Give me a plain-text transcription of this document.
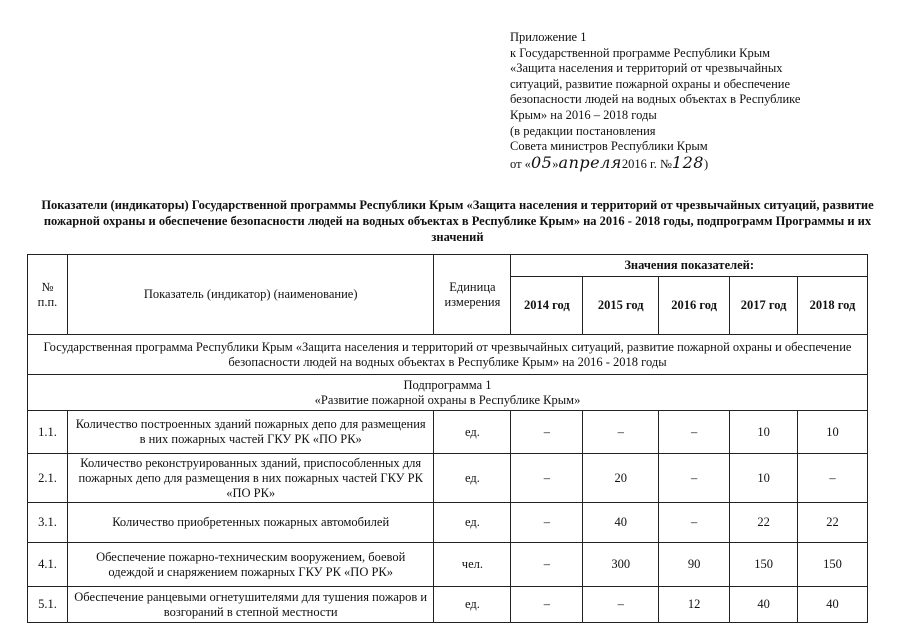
Приложение 1
к Государственной программе Республики Крым
«Защита населения и территорий от чрезвычайных
ситуаций, развитие пожарной охраны и обеспечение
безопасности людей на водных объектах в Республике
Крым» на 2016 – 2018 годы
(в редакции постановления
Совета министров Республики Крым
от «05»апреля2016 г. №128)
Показатели (индикаторы) Государственной программы Республики Крым «Защита населения и территорий от чрезвычайных ситуаций, развитие пожарной охраны и обеспечение безопасности людей на водных объектах в Республике Крым» на 2016 - 2018 годы, подпрограмм Программы и их значений
№ п.п.	Показатель (индикатор) (наименование)	Единица измерения	Значения показателей:				
			2014 год	2015 год	2016 год	2017 год	2018 год
Государственная программа Республики Крым «Защита населения и территорий от чрезвычайных ситуаций, развитие пожарной охраны и обеспечение безопасности людей на водных объектах в Республике Крым» на 2016 - 2018 годы							

Подпрограмма 1
«Развитие пожарной охраны в Республике Крым»							

1.1.	Количество построенных зданий пожарных депо для размещения в них пожарных частей ГКУ РК «ПО РК»	ед.	–	–	–	10	10
2.1.	Количество реконструированных зданий, приспособленных для пожарных депо для размещения в них пожарных частей ГКУ РК «ПО РК»	ед.	–	20	–	10	–
3.1.	Количество приобретенных пожарных автомобилей	ед.	–	40	–	22	22
4.1.	Обеспечение пожарно-техническим вооружением, боевой одеждой и снаряжением пожарных ГКУ РК «ПО РК»	чел.	–	300	90	150	150
5.1.	Обеспечение ранцевыми огнетушителями для тушения пожаров и возгораний в степной местности	ед.	–	–	12	40	40
